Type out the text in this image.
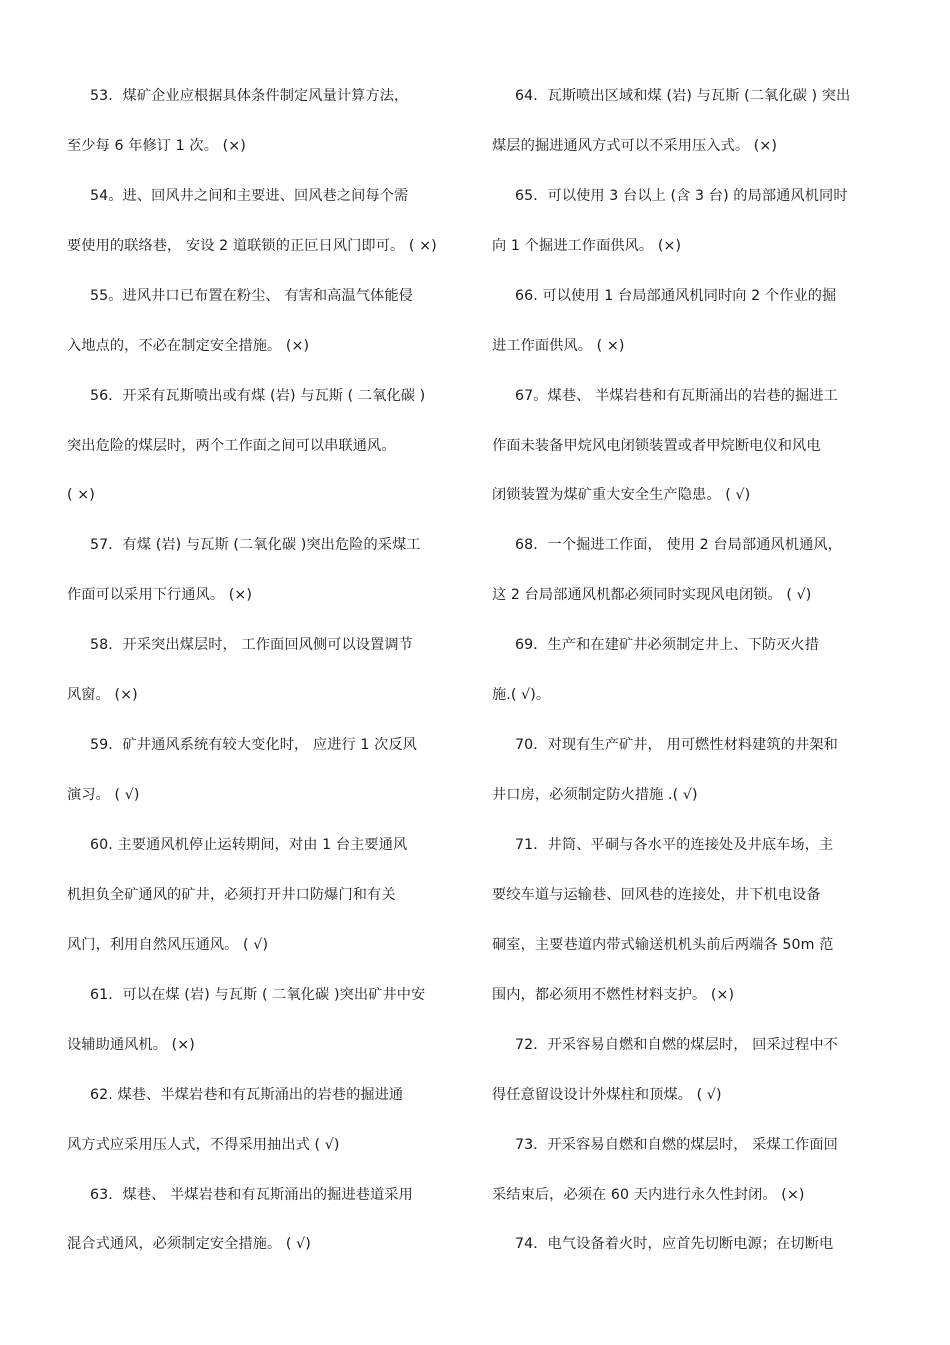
53．煤矿企业应根据具体条件制定风量计算方法，
至少每 6 年修订 1 次。 (×)
54。进、回风井之间和主要进、回风巷之间每个需
要使用的联络巷， 安设 2 道联锁的正叵日风门即可。 ( ×)
55。进风井口已布置在粉尘、 有害和高温气体能侵
入地点的，不必在制定安全措施。 (×)
56．开采有瓦斯喷出或有煤 (岩) 与瓦斯 ( 二氧化碳 )
突出危险的煤层时，两个工作面之间可以串联通风。
( ×)
57．有煤 (岩) 与瓦斯 (二氧化碳 )突出危险的采煤工
作面可以采用下行通风。 (×)
58．开采突出煤层时， 工作面回风侧可以设置调节
风窗。 (×)
59．矿井通风系统有较大变化时， 应进行 1 次反风
演习。 ( √)
60. 主要通风机停止运转期间，对由 1 台主要通风
机担负全矿通风的矿井，必须打开井口防爆门和有关
风门，利用自然风压通风。 ( √)
61．可以在煤 (岩) 与瓦斯 ( 二氧化碳 )突出矿井中安
设辅助通风机。 (×)
62. 煤巷、半煤岩巷和有瓦斯涌出的岩巷的掘进通
风方式应采用压人式，不得采用抽出式 ( √)
63．煤巷、 半煤岩巷和有瓦斯涌出的掘进巷道采用
混合式通风，必须制定安全措施。 ( √)
64．瓦斯喷出区域和煤 (岩) 与瓦斯 (二氧化碳 ) 突出
煤层的掘进通风方式可以不采用压入式。 (×)
65．可以使用 3 台以上 (含 3 台) 的局部通风机同时
向 1 个掘进工作面供风。 (×)
66. 可以使用 1 台局部通风机同时向 2 个作业的掘
进工作面供风。 ( ×)
67。煤巷、 半煤岩巷和有瓦斯涌出的岩巷的掘进工
作面未装备甲烷风电闭锁装置或者甲烷断电仪和风电
闭锁装置为煤矿重大安全生产隐患。 ( √)
68．一个掘进工作面， 使用 2 台局部通风机通风，
这 2 台局部通风机都必须同时实现风电闭锁。 ( √)
69．生产和在建矿井必须制定井上、下防灭火措
施.( √)。
70．对现有生产矿井， 用可燃性材料建筑的井架和
井口房，必须制定防火措施 .( √)
71．井筒、平硐与各水平的连接处及井底车场，主
要绞车道与运输巷、回风巷的连接处，井下机电设备
硐室，主要巷道内带式输送机机头前后两端各 50m 范
围内，都必须用不燃性材料支护。 (×)
72．开采容易自燃和自燃的煤层时， 回采过程中不
得任意留设设计外煤柱和顶煤。 ( √)
73．开采容易自燃和自燃的煤层时， 采煤工作面回
采结束后，必须在 60 天内进行永久性封闭。 (×)
74．电气设备着火时，应首先切断电源；在切断电
